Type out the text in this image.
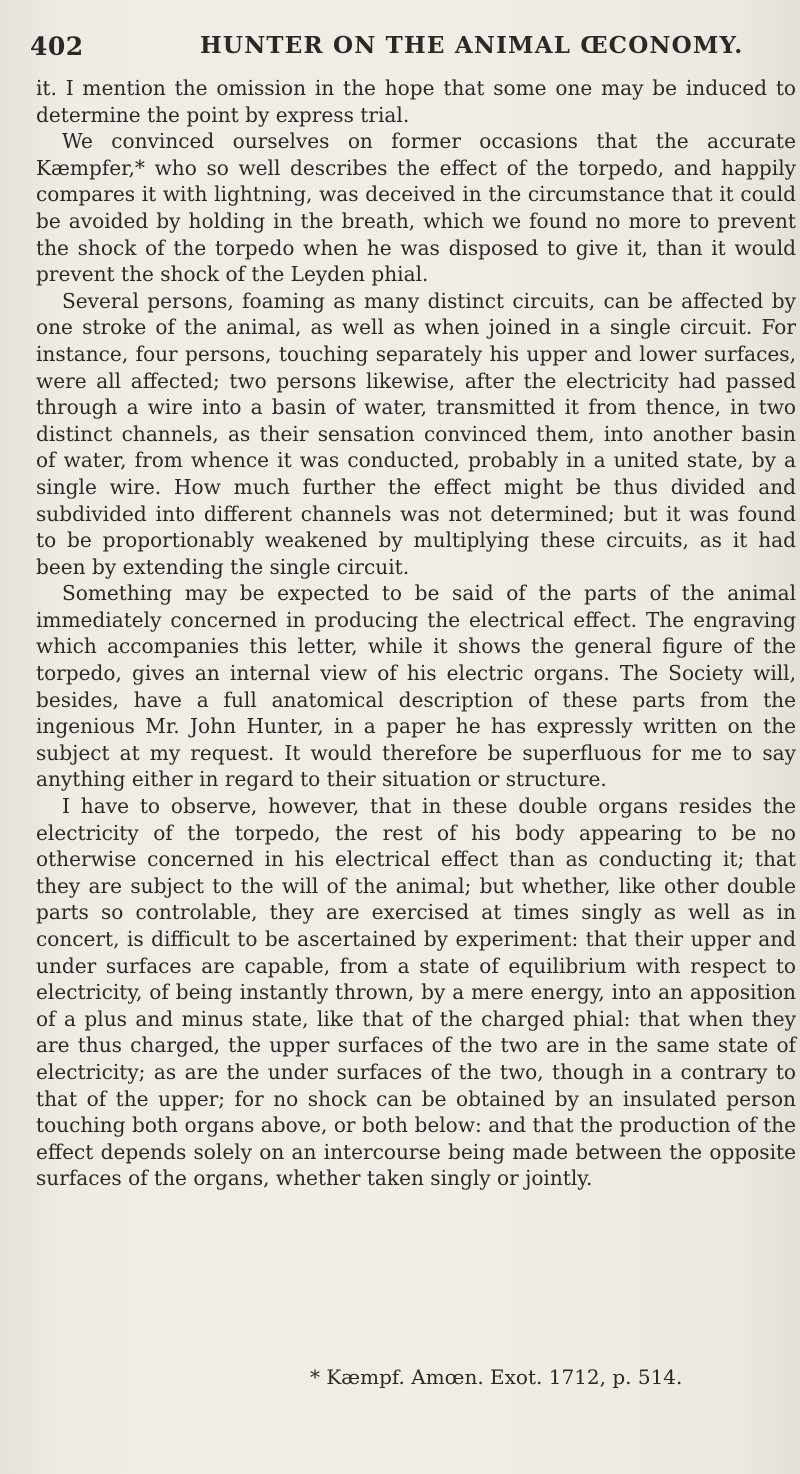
402	HUNTER ON THE ANIMAL ŒCONOMY.

it. I mention the omission in the hope that some one may be induced to determine the point by express trial.

We convinced ourselves on former occasions that the accurate Kæmpfer,* who so well describes the effect of the torpedo, and happily compares it with lightning, was deceived in the circumstance that it could be avoided by holding in the breath, which we found no more to prevent the shock of the torpedo when he was disposed to give it, than it would prevent the shock of the Leyden phial.

Several persons, foaming as many distinct circuits, can be affected by one stroke of the animal, as well as when joined in a single circuit. For instance, four persons, touching separately his upper and lower surfaces, were all affected; two persons likewise, after the electricity had passed through a wire into a basin of water, transmitted it from thence, in two distinct channels, as their sensation convinced them, into another basin of water, from whence it was conducted, probably in a united state, by a single wire. How much further the effect might be thus divided and subdivided into different channels was not determined; but it was found to be proportionably weakened by multiplying these circuits, as it had been by extending the single circuit.

Something may be expected to be said of the parts of the animal immediately concerned in producing the electrical effect. The engraving which accompanies this letter, while it shows the general figure of the torpedo, gives an internal view of his electric organs. The Society will, besides, have a full anatomical description of these parts from the ingenious Mr. John Hunter, in a paper he has expressly written on the subject at my request. It would therefore be superfluous for me to say anything either in regard to their situation or structure.

I have to observe, however, that in these double organs resides the electricity of the torpedo, the rest of his body appearing to be no otherwise concerned in his electrical effect than as conducting it; that they are subject to the will of the animal; but whether, like other double parts so controlable, they are exercised at times singly as well as in concert, is difficult to be ascertained by experiment: that their upper and under surfaces are capable, from a state of equilibrium with respect to electricity, of being instantly thrown, by a mere energy, into an apposition of a plus and minus state, like that of the charged phial: that when they are thus charged, the upper surfaces of the two are in the same state of electricity; as are the under surfaces of the two, though in a contrary to that of the upper; for no shock can be obtained by an insulated person touching both organs above, or both below: and that the production of the effect depends solely on an intercourse being made between the opposite surfaces of the organs, whether taken singly or jointly.

* Kæmpf. Amœn. Exot. 1712, p. 514.
